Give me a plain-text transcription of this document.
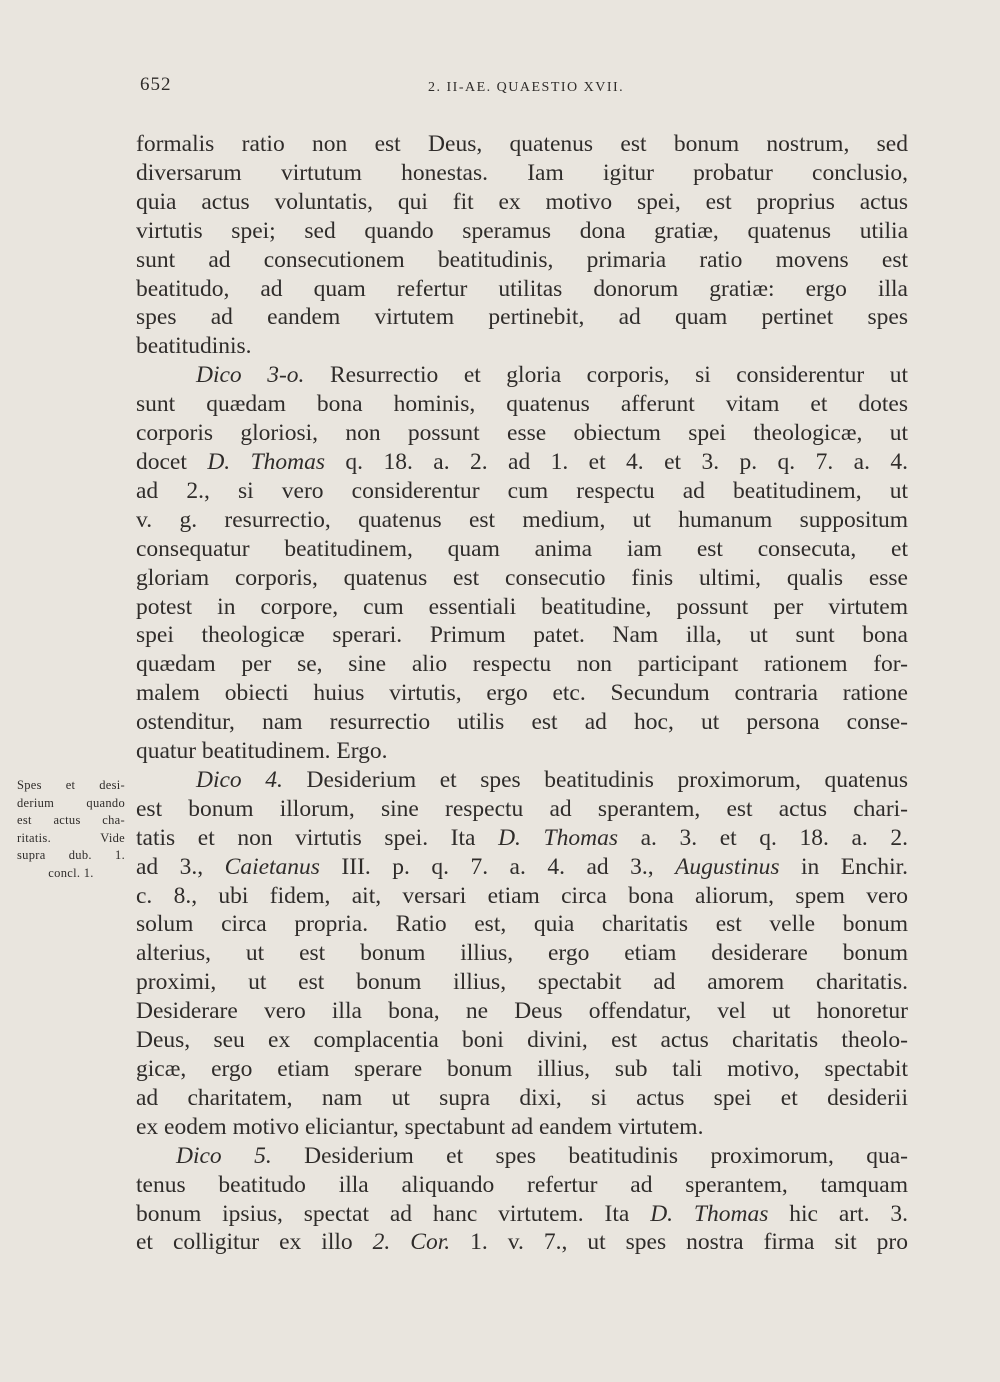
652	2. II-AE. QUAESTIO XVII.
Spes et desi-
derium quando
est actus cha-
ritatis. Vide
supra dub. 1.
concl. 1.
formalis ratio non est Deus, quatenus est bonum nostrum, sed
diversarum virtutum honestas. Iam igitur probatur conclusio,
quia actus voluntatis, qui fit ex motivo spei, est proprius actus
virtutis spei; sed quando speramus dona gratiæ, quatenus utilia
sunt ad consecutionem beatitudinis, primaria ratio movens est
beatitudo, ad quam refertur utilitas donorum gratiæ: ergo illa
spes ad eandem virtutem pertinebit, ad quam pertinet spes
beatitudinis.
Dico 3-o. Resurrectio et gloria corporis, si considerentur ut
sunt quædam bona hominis, quatenus afferunt vitam et dotes
corporis gloriosi, non possunt esse obiectum spei theologicæ, ut
docet D. Thomas q. 18. a. 2. ad 1. et 4. et 3. p. q. 7. a. 4.
ad 2., si vero considerentur cum respectu ad beatitudinem, ut
v. g. resurrectio, quatenus est medium, ut humanum suppositum
consequatur beatitudinem, quam anima iam est consecuta, et
gloriam corporis, quatenus est consecutio finis ultimi, qualis esse
potest in corpore, cum essentiali beatitudine, possunt per virtutem
spei theologicæ sperari. Primum patet. Nam illa, ut sunt bona
quædam per se, sine alio respectu non participant rationem for-
malem obiecti huius virtutis, ergo etc. Secundum contraria ratione
ostenditur, nam resurrectio utilis est ad hoc, ut persona conse-
quatur beatitudinem. Ergo.
Dico 4. Desiderium et spes beatitudinis proximorum, quatenus
est bonum illorum, sine respectu ad sperantem, est actus chari-
tatis et non virtutis spei. Ita D. Thomas a. 3. et q. 18. a. 2.
ad 3., Caietanus III. p. q. 7. a. 4. ad 3., Augustinus in Enchir.
c. 8., ubi fidem, ait, versari etiam circa bona aliorum, spem vero
solum circa propria. Ratio est, quia charitatis est velle bonum
alterius, ut est bonum illius, ergo etiam desiderare bonum
proximi, ut est bonum illius, spectabit ad amorem charitatis.
Desiderare vero illa bona, ne Deus offendatur, vel ut honoretur
Deus, seu ex complacentia boni divini, est actus charitatis theolo-
gicæ, ergo etiam sperare bonum illius, sub tali motivo, spectabit
ad charitatem, nam ut supra dixi, si actus spei et desiderii
ex eodem motivo eliciantur, spectabunt ad eandem virtutem.
Dico 5. Desiderium et spes beatitudinis proximorum, qua-
tenus beatitudo illa aliquando refertur ad sperantem, tamquam
bonum ipsius, spectat ad hanc virtutem. Ita D. Thomas hic art. 3.
et colligitur ex illo 2. Cor. 1. v. 7., ut spes nostra firma sit pro
